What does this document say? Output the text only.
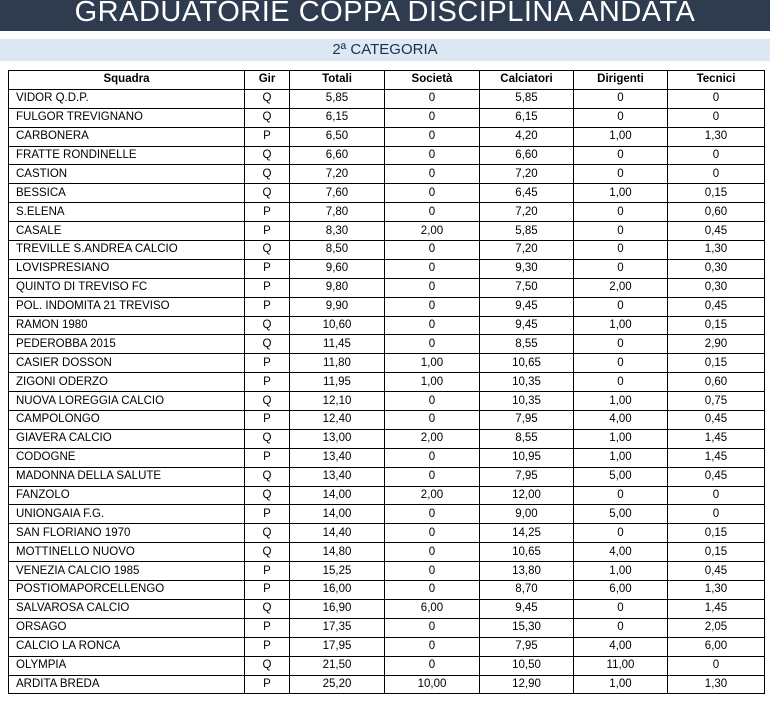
GRADUATORIE COPPA DISCIPLINA ANDATA
2ª CATEGORIA
Squadra	Gir	Totali	Società	Calciatori	Dirigenti	Tecnici
VIDOR Q.D.P.	Q	5,85	0	5,85	0	0
FULGOR TREVIGNANO	Q	6,15	0	6,15	0	0
CARBONERA	P	6,50	0	4,20	1,00	1,30
FRATTE RONDINELLE	Q	6,60	0	6,60	0	0
CASTION	Q	7,20	0	7,20	0	0
BESSICA	Q	7,60	0	6,45	1,00	0,15
S.ELENA	P	7,80	0	7,20	0	0,60
CASALE	P	8,30	2,00	5,85	0	0,45
TREVILLE S.ANDREA CALCIO	Q	8,50	0	7,20	0	1,30
LOVISPRESIANO	P	9,60	0	9,30	0	0,30
QUINTO DI TREVISO FC	P	9,80	0	7,50	2,00	0,30
POL. INDOMITA 21 TREVISO	P	9,90	0	9,45	0	0,45
RAMON 1980	Q	10,60	0	9,45	1,00	0,15
PEDEROBBA 2015	Q	11,45	0	8,55	0	2,90
CASIER DOSSON	P	11,80	1,00	10,65	0	0,15
ZIGONI ODERZO	P	11,95	1,00	10,35	0	0,60
NUOVA LOREGGIA CALCIO	Q	12,10	0	10,35	1,00	0,75
CAMPOLONGO	P	12,40	0	7,95	4,00	0,45
GIAVERA CALCIO	Q	13,00	2,00	8,55	1,00	1,45
CODOGNE	P	13,40	0	10,95	1,00	1,45
MADONNA DELLA SALUTE	Q	13,40	0	7,95	5,00	0,45
FANZOLO	Q	14,00	2,00	12,00	0	0
UNIONGAIA F.G.	P	14,00	0	9,00	5,00	0
SAN FLORIANO 1970	Q	14,40	0	14,25	0	0,15
MOTTINELLO NUOVO	Q	14,80	0	10,65	4,00	0,15
VENEZIA CALCIO 1985	P	15,25	0	13,80	1,00	0,45
POSTIOMAPORCELLENGO	P	16,00	0	8,70	6,00	1,30
SALVAROSA CALCIO	Q	16,90	6,00	9,45	0	1,45
ORSAGO	P	17,35	0	15,30	0	2,05
CALCIO LA RONCA	P	17,95	0	7,95	4,00	6,00
OLYMPIA	Q	21,50	0	10,50	11,00	0
ARDITA BREDA	P	25,20	10,00	12,90	1,00	1,30
